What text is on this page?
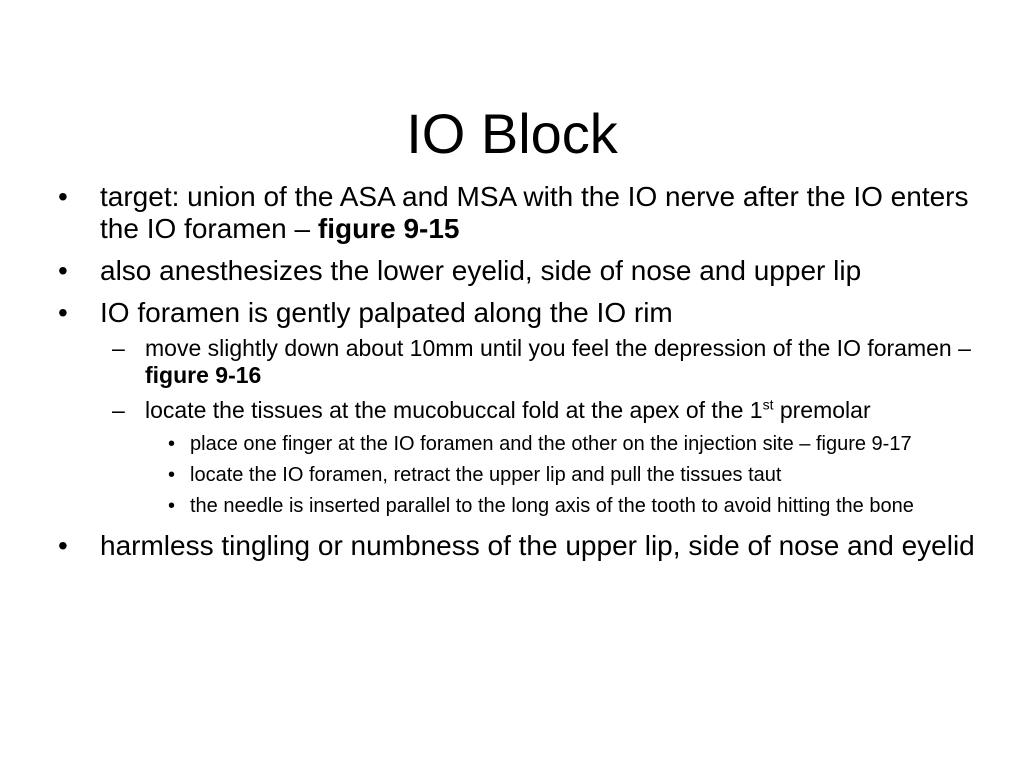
IO Block
• target: union of the ASA and MSA with the IO nerve after the IO enters the IO foramen – figure 9-15
• also anesthesizes the lower eyelid, side of nose and upper lip
• IO foramen is gently palpated along the IO rim
– move slightly down about 10mm until you feel the depression of the IO foramen – figure 9-16
– locate the tissues at the mucobuccal fold at the apex of the 1st premolar
• place one finger at the IO foramen and the other on the injection site – figure 9-17
• locate the IO foramen, retract the upper lip and pull the tissues taut
• the needle is inserted parallel to the long axis of the tooth to avoid hitting the bone
• harmless tingling or numbness of the upper lip, side of nose and eyelid
